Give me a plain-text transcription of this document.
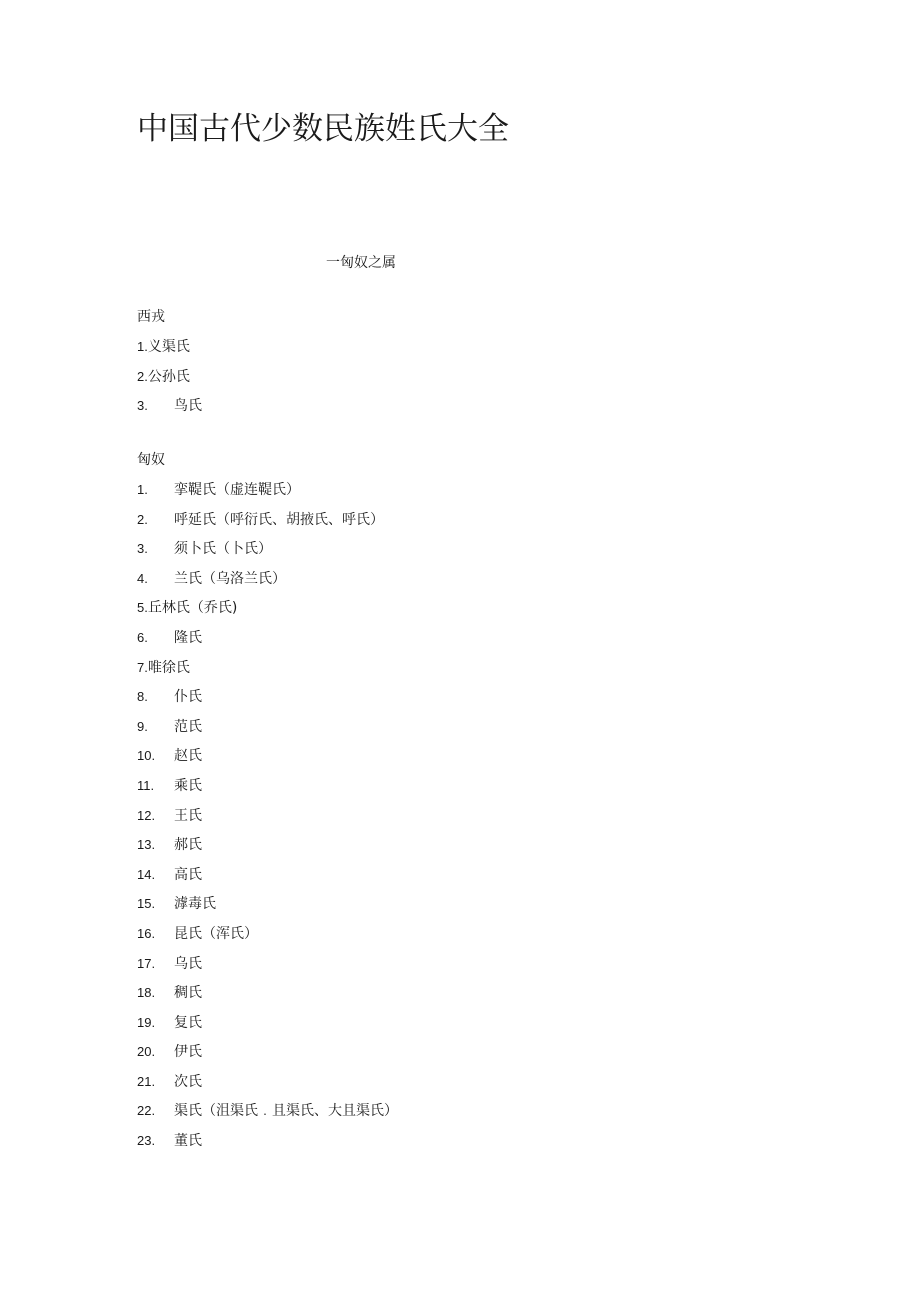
中国古代少数民族姓氏大全
一匈奴之属
西戎
1.义渠氏
2.公孙氏
3. 鸟氏
匈奴
1. 挛鞮氏（虚连鞮氏）
2. 呼延氏（呼衍氏、胡掖氏、呼氏）
3. 须卜氏（卜氏）
4. 兰氏（乌洛兰氏）
5.丘林氏（乔氏)
6. 隆氏
7.唯徐氏
8. 仆氏
9. 范氏
10. 赵氏
11. 乘氏
12. 王氏
13. 郝氏
14. 高氏
15. 滹毒氏
16. 昆氏（浑氏）
17. 乌氏
18. 稠氏
19. 复氏
20. 伊氏
21. 次氏
22. 渠氏（沮渠氏﹒且渠氏、大且渠氏）
23. 董氏
